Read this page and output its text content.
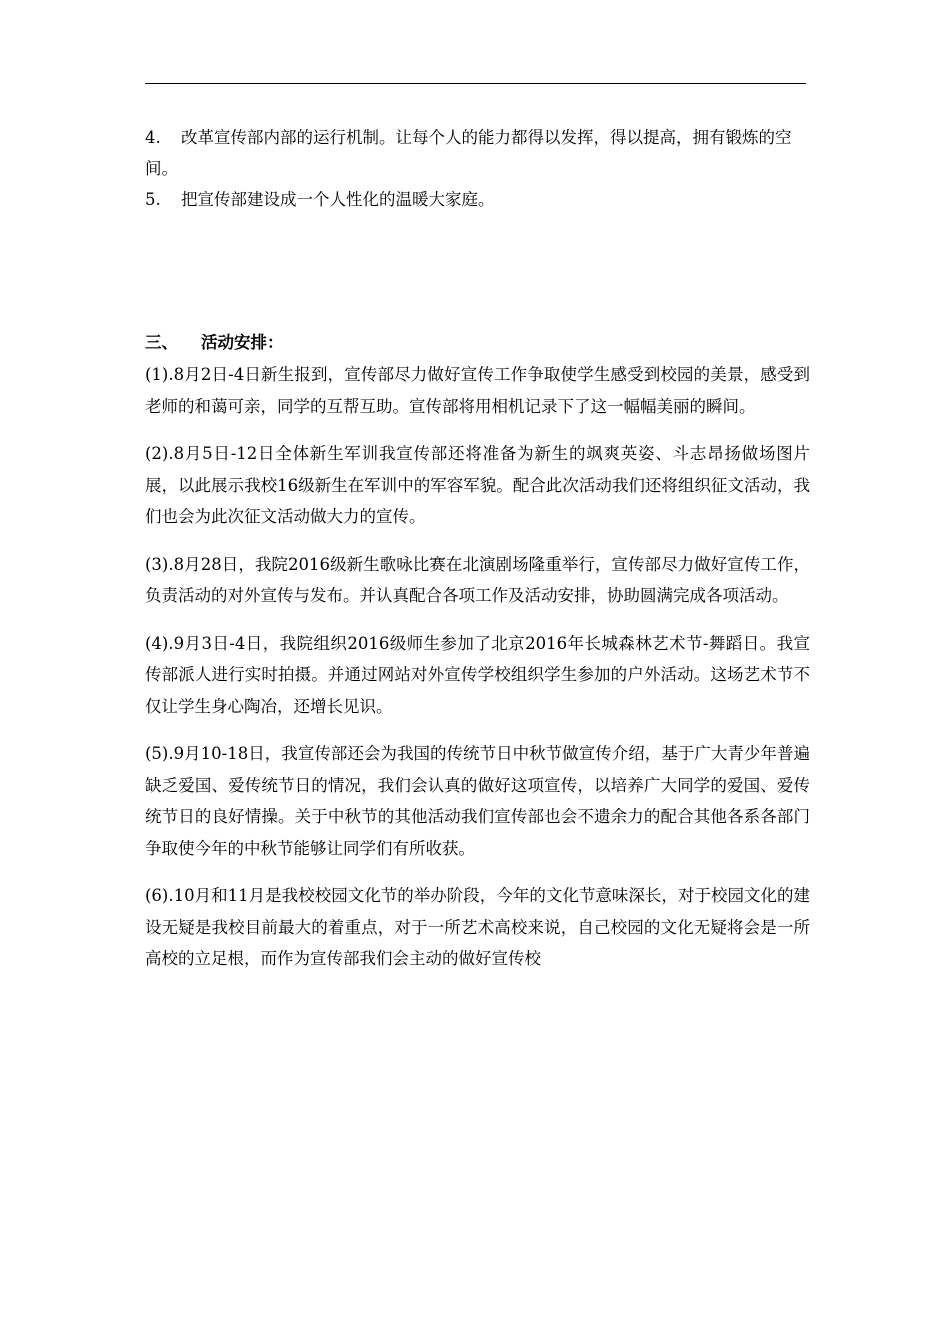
4. 改革宣传部内部的运行机制。让每个人的能力都得以发挥，得以提高，拥有锻炼的空间。

5. 把宣传部建设成一个人性化的温暖大家庭。

三、 活动安排：

(1).8月2日-4日新生报到，宣传部尽力做好宣传工作争取使学生感受到校园的美景，感受到老师的和蔼可亲，同学的互帮互助。宣传部将用相机记录下了这一幅幅美丽的瞬间。

(2).8月5日-12日全体新生军训我宣传部还将准备为新生的飒爽英姿、斗志昂扬做场图片展，以此展示我校16级新生在军训中的军容军貌。配合此次活动我们还将组织征文活动，我们也会为此次征文活动做大力的宣传。

(3).8月28日，我院2016级新生歌咏比赛在北演剧场隆重举行，宣传部尽力做好宣传工作，负责活动的对外宣传与发布。并认真配合各项工作及活动安排，协助圆满完成各项活动。

(4).9月3日-4日，我院组织2016级师生参加了北京2016年长城森林艺术节-舞蹈日。我宣传部派人进行实时拍摄。并通过网站对外宣传学校组织学生参加的户外活动。这场艺术节不仅让学生身心陶冶，还增长见识。

(5).9月10-18日，我宣传部还会为我国的传统节日中秋节做宣传介绍，基于广大青少年普遍缺乏爱国、爱传统节日的情况，我们会认真的做好这项宣传，以培养广大同学的爱国、爱传统节日的良好情操。关于中秋节的其他活动我们宣传部也会不遗余力的配合其他各系各部门争取使今年的中秋节能够让同学们有所收获。

(6).10月和11月是我校校园文化节的举办阶段，今年的文化节意味深长，对于校园文化的建设无疑是我校目前最大的着重点，对于一所艺术高校来说，自己校园的文化无疑将会是一所高校的立足根，而作为宣传部我们会主动的做好宣传校
